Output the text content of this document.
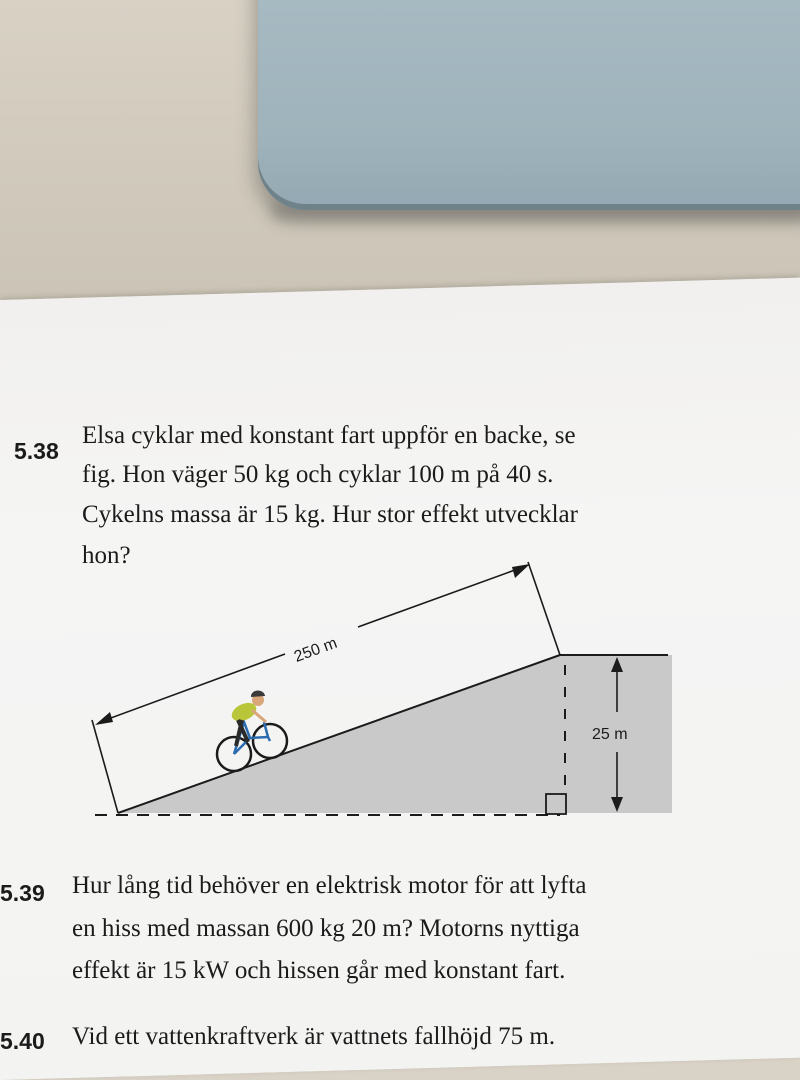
5.38
Elsa cyklar med konstant fart uppför en backe, se
fig. Hon väger 50 kg och cyklar 100 m på 40 s.
Cykelns massa är 15 kg. Hur stor effekt utvecklar
hon?
250 m
25 m
5.39 Hur lång tid behöver en elektrisk motor för att lyfta
en hiss med massan 600 kg 20 m? Motorns nyttiga
effekt är 15 kW och hissen går med konstant fart.
5.40 Vid ett vattenkraftverk är vattnets fallhöjd 75 m.
